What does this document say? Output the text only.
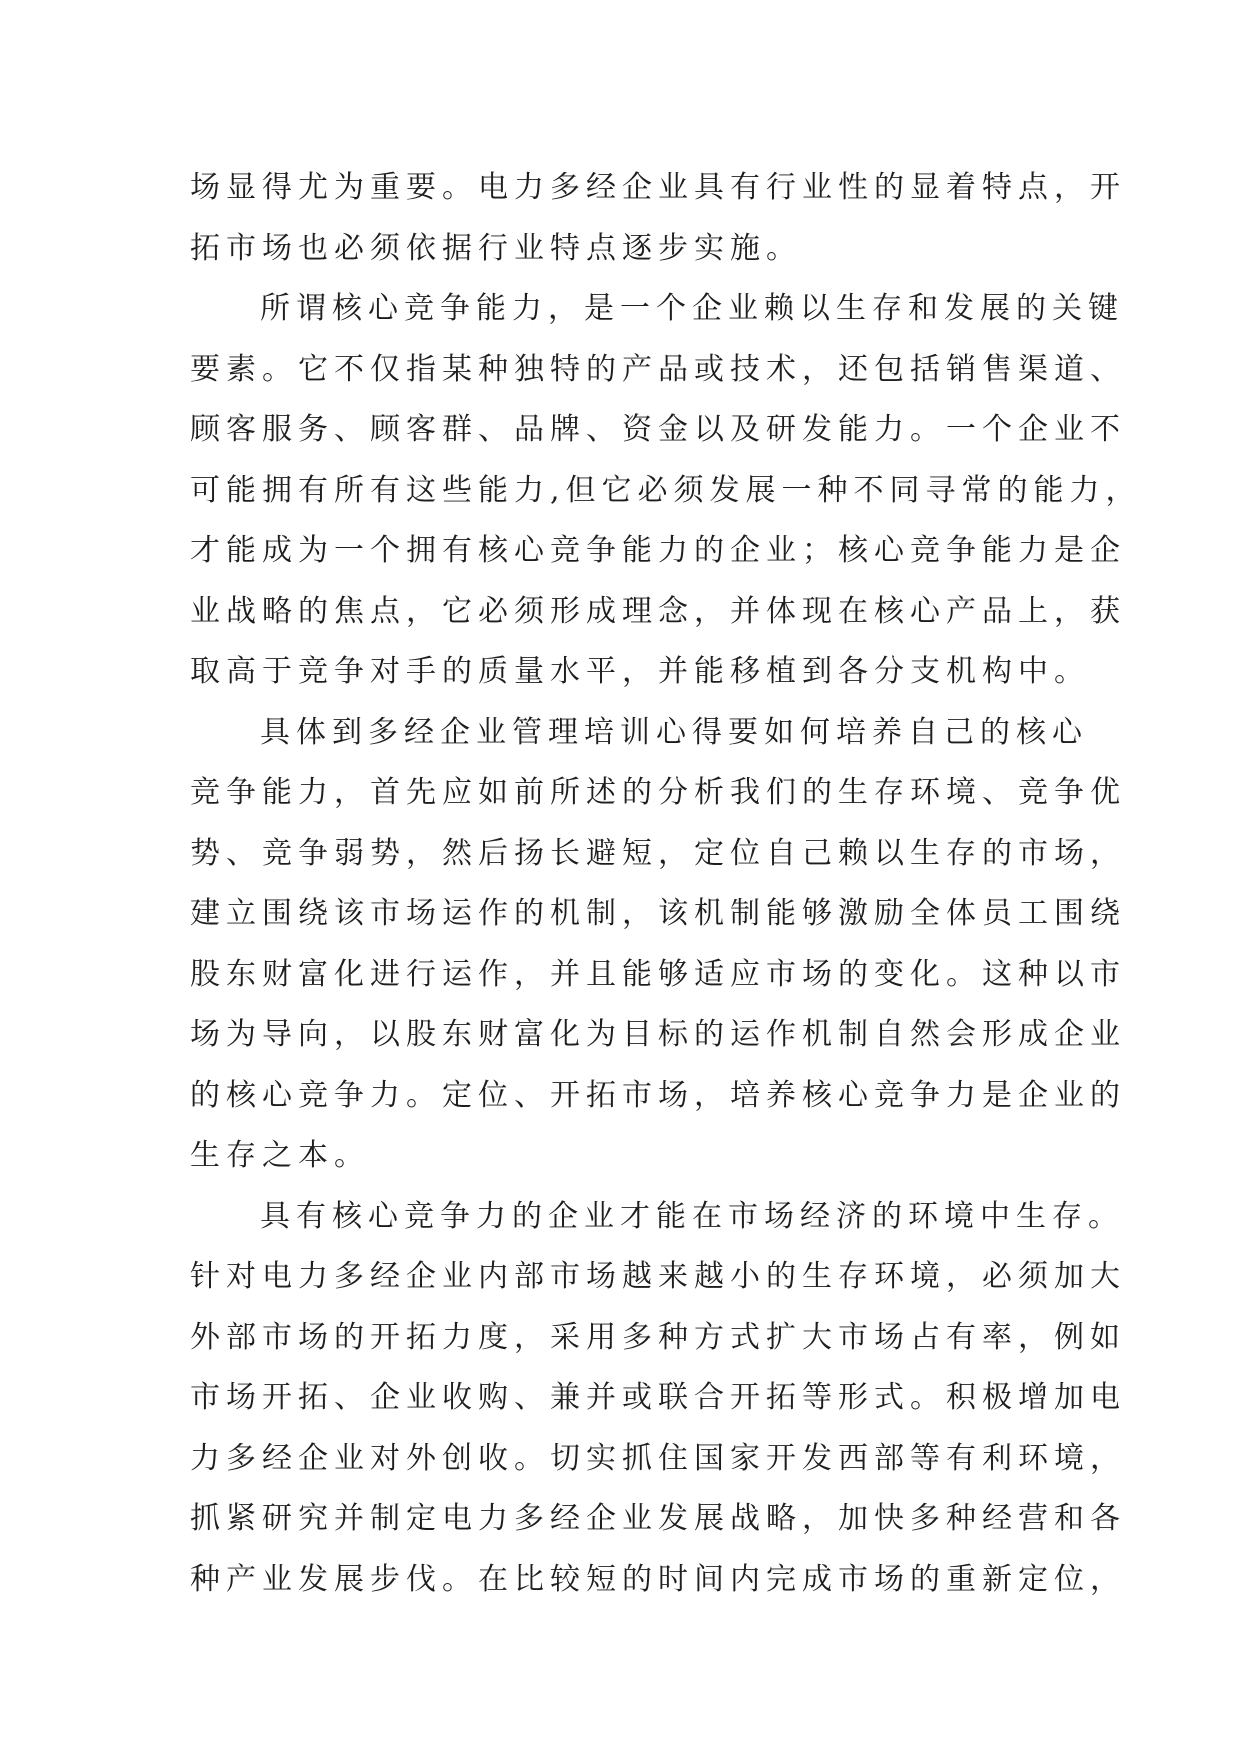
场显得尤为重要。电力多经企业具有行业性的显着特点，开
拓市场也必须依据行业特点逐步实施。
所谓核心竞争能力，是一个企业赖以生存和发展的关键
要素。它不仅指某种独特的产品或技术，还包括销售渠道、
顾客服务、顾客群、品牌、资金以及研发能力。一个企业不
可能拥有所有这些能力,但它必须发展一种不同寻常的能力，
才能成为一个拥有核心竞争能力的企业；核心竞争能力是企
业战略的焦点，它必须形成理念，并体现在核心产品上，获
取高于竞争对手的质量水平，并能移植到各分支机构中。
具体到多经企业管理培训心得要如何培养自己的核心
竞争能力，首先应如前所述的分析我们的生存环境、竞争优
势、竞争弱势，然后扬长避短，定位自己赖以生存的市场，
建立围绕该市场运作的机制，该机制能够激励全体员工围绕
股东财富化进行运作，并且能够适应市场的变化。这种以市
场为导向，以股东财富化为目标的运作机制自然会形成企业
的核心竞争力。定位、开拓市场，培养核心竞争力是企业的
生存之本。
具有核心竞争力的企业才能在市场经济的环境中生存。
针对电力多经企业内部市场越来越小的生存环境，必须加大
外部市场的开拓力度，采用多种方式扩大市场占有率，例如
市场开拓、企业收购、兼并或联合开拓等形式。积极增加电
力多经企业对外创收。切实抓住国家开发西部等有利环境，
抓紧研究并制定电力多经企业发展战略，加快多种经营和各
种产业发展步伐。在比较短的时间内完成市场的重新定位，
